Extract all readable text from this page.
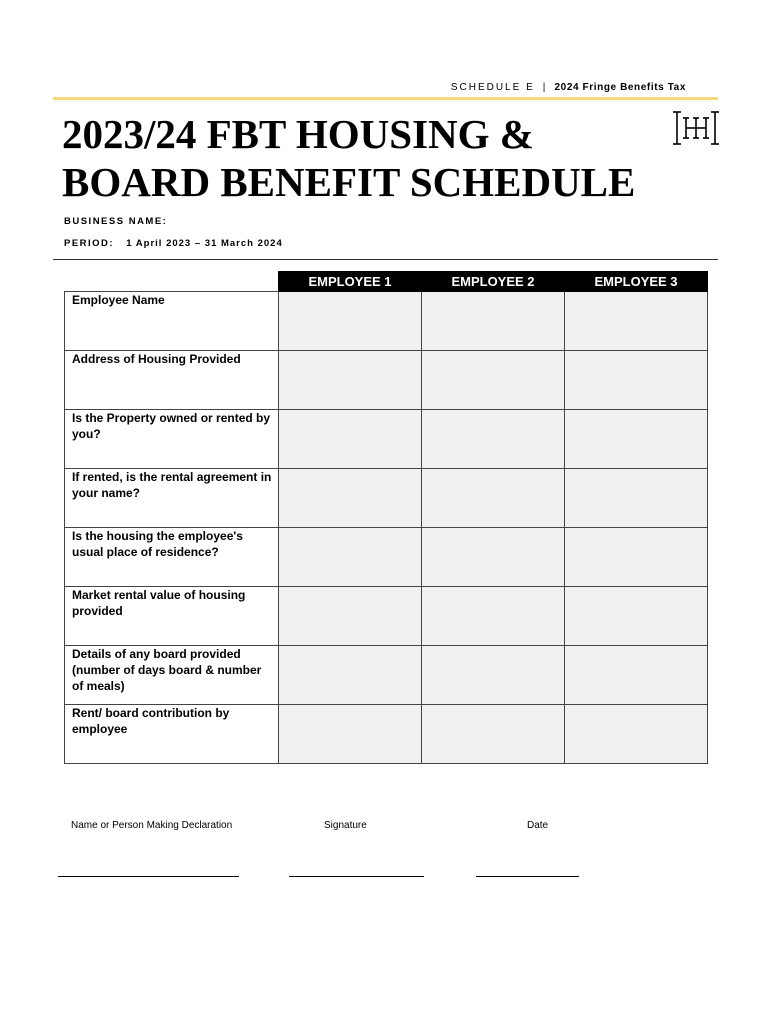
SCHEDULE E | 2024 Fringe Benefits Tax
2023/24 FBT HOUSING &
BOARD BENEFIT SCHEDULE
BUSINESS NAME:
PERIOD: 1 April 2023 – 31 March 2024
	EMPLOYEE 1	EMPLOYEE 2	EMPLOYEE 3

Employee Name			

Address of Housing Provided			

Is the Property owned or rented by you?			

If rented, is the rental agreement in your name?			

Is the housing the employee's usual place of residence?			

Market rental value of housing provided			

Details of any board provided (number of days board & number of meals)			

Rent/ board contribution by employee			

Name or Person Making Declaration	Signature	Date
